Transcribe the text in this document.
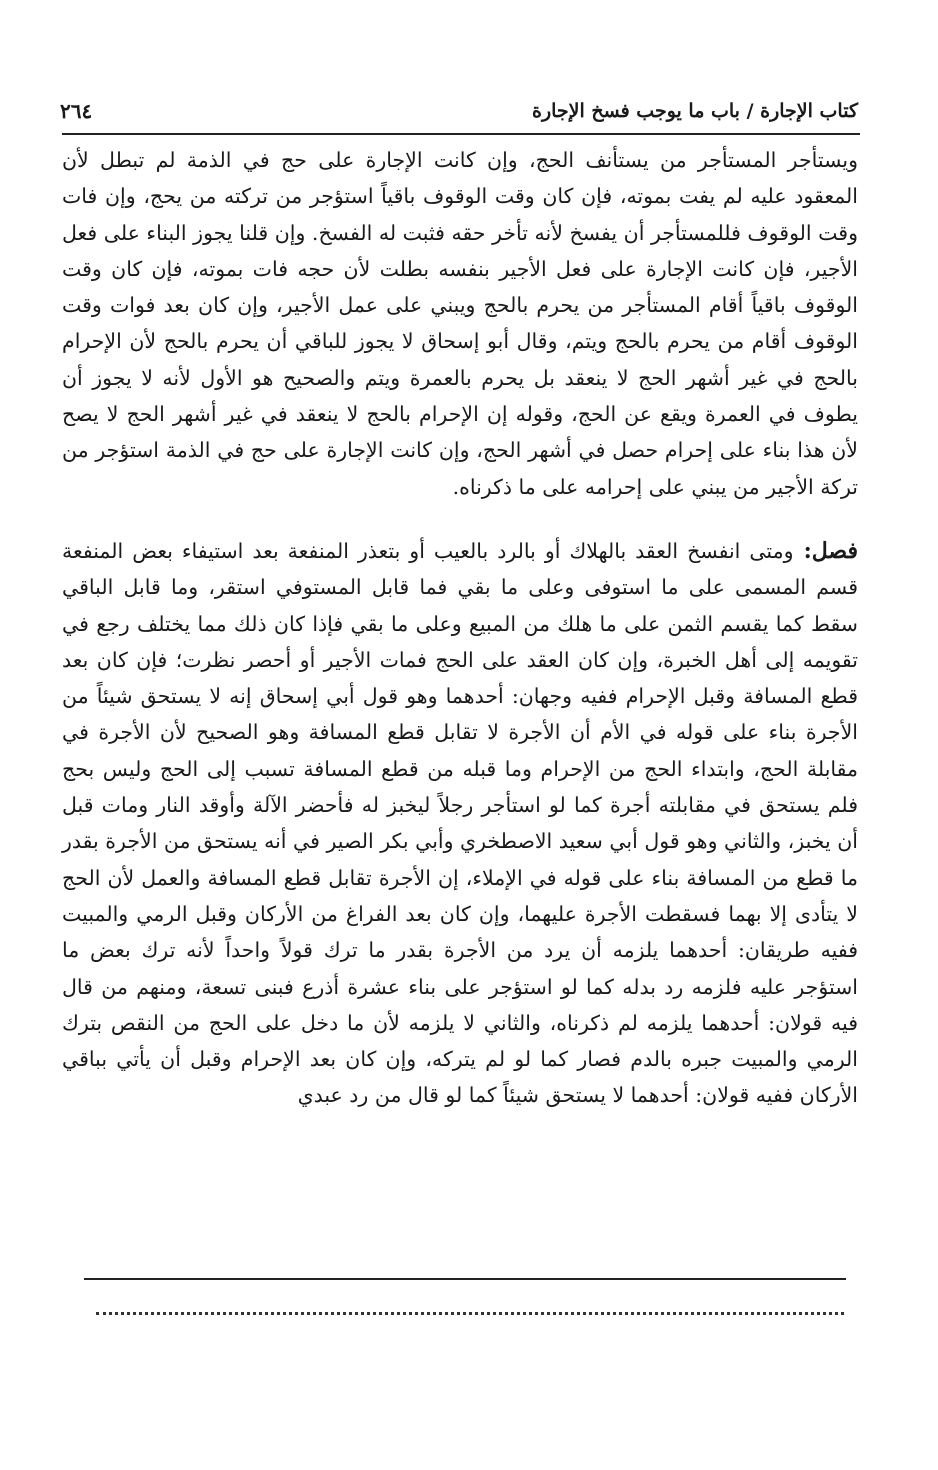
كتاب الإجارة / باب ما يوجب فسخ الإجارة
٢٦٤

ويستأجر المستأجر من يستأنف الحج، وإن كانت الإجارة على حج في الذمة لم تبطل لأن المعقود عليه لم يفت بموته، فإن كان وقت الوقوف باقياً استؤجر من تركته من يحج، وإن فات وقت الوقوف فللمستأجر أن يفسخ لأنه تأخر حقه فثبت له الفسخ. وإن قلنا يجوز البناء على فعل الأجير، فإن كانت الإجارة على فعل الأجير بنفسه بطلت لأن حجه فات بموته، فإن كان وقت الوقوف باقياً أقام المستأجر من يحرم بالحج ويبني على عمل الأجير، وإن كان بعد فوات وقت الوقوف أقام من يحرم بالحج ويتم، وقال أبو إسحاق لا يجوز للباقي أن يحرم بالحج لأن الإحرام بالحج في غير أشهر الحج لا ينعقد بل يحرم بالعمرة ويتم والصحيح هو الأول لأنه لا يجوز أن يطوف في العمرة ويقع عن الحج، وقوله إن الإحرام بالحج لا ينعقد في غير أشهر الحج لا يصح لأن هذا بناء على إحرام حصل في أشهر الحج، وإن كانت الإجارة على حج في الذمة استؤجر من تركة الأجير من يبني على إحرامه على ما ذكرناه.

فصل: ومتى انفسخ العقد بالهلاك أو بالرد بالعيب أو بتعذر المنفعة بعد استيفاء بعض المنفعة قسم المسمى على ما استوفى وعلى ما بقي فما قابل المستوفي استقر، وما قابل الباقي سقط كما يقسم الثمن على ما هلك من المبيع وعلى ما بقي فإذا كان ذلك مما يختلف رجع في تقويمه إلى أهل الخبرة، وإن كان العقد على الحج فمات الأجير أو أحصر نظرت؛ فإن كان بعد قطع المسافة وقبل الإحرام ففيه وجهان: أحدهما وهو قول أبي إسحاق إنه لا يستحق شيئاً من الأجرة بناء على قوله في الأم أن الأجرة لا تقابل قطع المسافة وهو الصحيح لأن الأجرة في مقابلة الحج، وابتداء الحج من الإحرام وما قبله من قطع المسافة تسبب إلى الحج وليس بحج فلم يستحق في مقابلته أجرة كما لو استأجر رجلاً ليخبز له فأحضر الآلة وأوقد النار ومات قبل أن يخبز، والثاني وهو قول أبي سعيد الاصطخري وأبي بكر الصير في أنه يستحق من الأجرة بقدر ما قطع من المسافة بناء على قوله في الإملاء، إن الأجرة تقابل قطع المسافة والعمل لأن الحج لا يتأدى إلا بهما فسقطت الأجرة عليهما، وإن كان بعد الفراغ من الأركان وقبل الرمي والمبيت ففيه طريقان: أحدهما يلزمه أن يرد من الأجرة بقدر ما ترك قولاً واحداً لأنه ترك بعض ما استؤجر عليه فلزمه رد بدله كما لو استؤجر على بناء عشرة أذرع فبنى تسعة، ومنهم من قال فيه قولان: أحدهما يلزمه لم ذكرناه، والثاني لا يلزمه لأن ما دخل على الحج من النقص بترك الرمي والمبيت جبره بالدم فصار كما لو لم يتركه، وإن كان بعد الإحرام وقبل أن يأتي بباقي الأركان ففيه قولان: أحدهما لا يستحق شيئاً كما لو قال من رد عبدي
